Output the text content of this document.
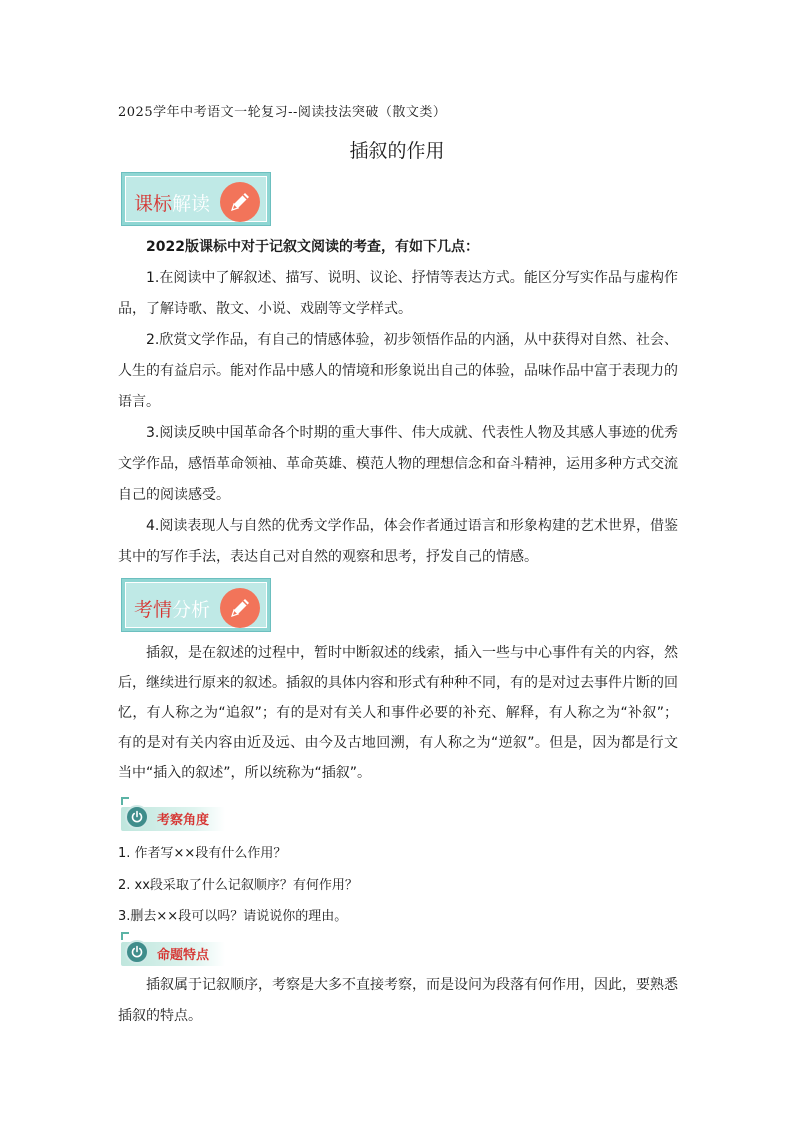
2025学年中考语文一轮复习--阅读技法突破（散文类）
插叙的作用
课标解读

2022版课标中对于记叙文阅读的考查，有如下几点：

1.在阅读中了解叙述、描写、说明、议论、抒情等表达方式。能区分写实作品与虚构作品，了解诗歌、散文、小说、戏剧等文学样式。

2.欣赏文学作品，有自己的情感体验，初步领悟作品的内涵，从中获得对自然、社会、人生的有益启示。能对作品中感人的情境和形象说出自己的体验，品味作品中富于表现力的语言。

3.阅读反映中国革命各个时期的重大事件、伟大成就、代表性人物及其感人事迹的优秀文学作品，感悟革命领袖、革命英雄、模范人物的理想信念和奋斗精神，运用多种方式交流自己的阅读感受。

4.阅读表现人与自然的优秀文学作品，体会作者通过语言和形象构建的艺术世界，借鉴其中的写作手法，表达自己对自然的观察和思考，抒发自己的情感。

考情分析

插叙，是在叙述的过程中，暂时中断叙述的线索，插入一些与中心事件有关的内容，然后，继续进行原来的叙述。插叙的具体内容和形式有种种不同，有的是对过去事件片断的回忆，有人称之为“追叙”；有的是对有关人和事件必要的补充、解释，有人称之为“补叙”；有的是对有关内容由近及远、由今及古地回溯，有人称之为“逆叙”。但是，因为都是行文当中“插入的叙述”，所以统称为“插叙”。

考察角度
1. 作者写××段有什么作用？
2. xx段采取了什么记叙顺序？有何作用？
3.删去××段可以吗？请说说你的理由。
命题特点

插叙属于记叙顺序，考察是大多不直接考察，而是设问为段落有何作用，因此，要熟悉插叙的特点。
